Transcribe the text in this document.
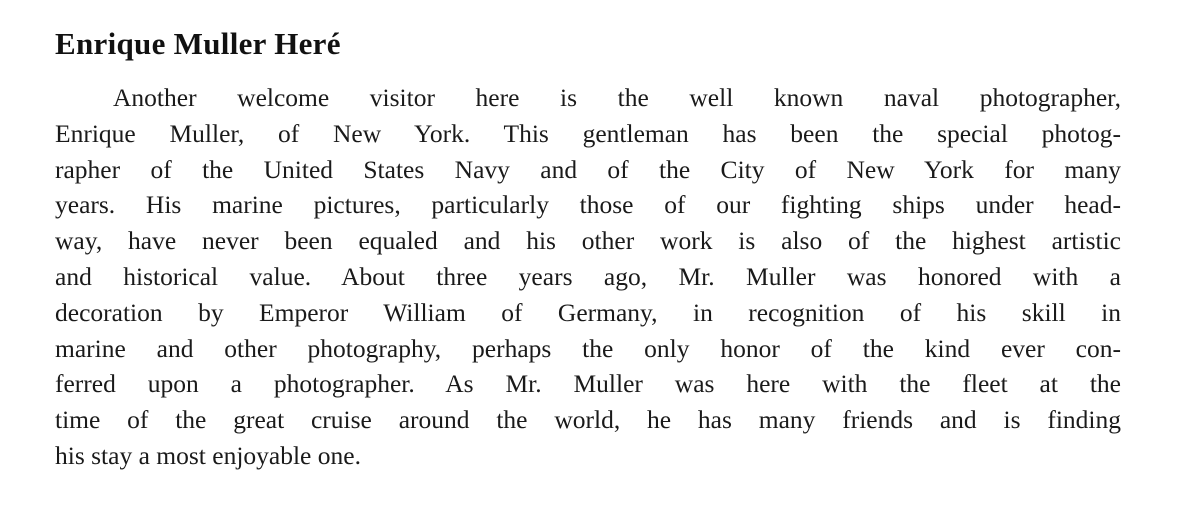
Enrique Muller Heré
Another welcome visitor here is the well known naval photographer,
Enrique Muller, of New York. This gentleman has been the special photog-
rapher of the United States Navy and of the City of New York for many
years. His marine pictures, particularly those of our fighting ships under head-
way, have never been equaled and his other work is also of the highest artistic
and historical value. About three years ago, Mr. Muller was honored with a
decoration by Emperor William of Germany, in recognition of his skill in
marine and other photography, perhaps the only honor of the kind ever con-
ferred upon a photographer. As Mr. Muller was here with the fleet at the
time of the great cruise around the world, he has many friends and is finding
his stay a most enjoyable one.
